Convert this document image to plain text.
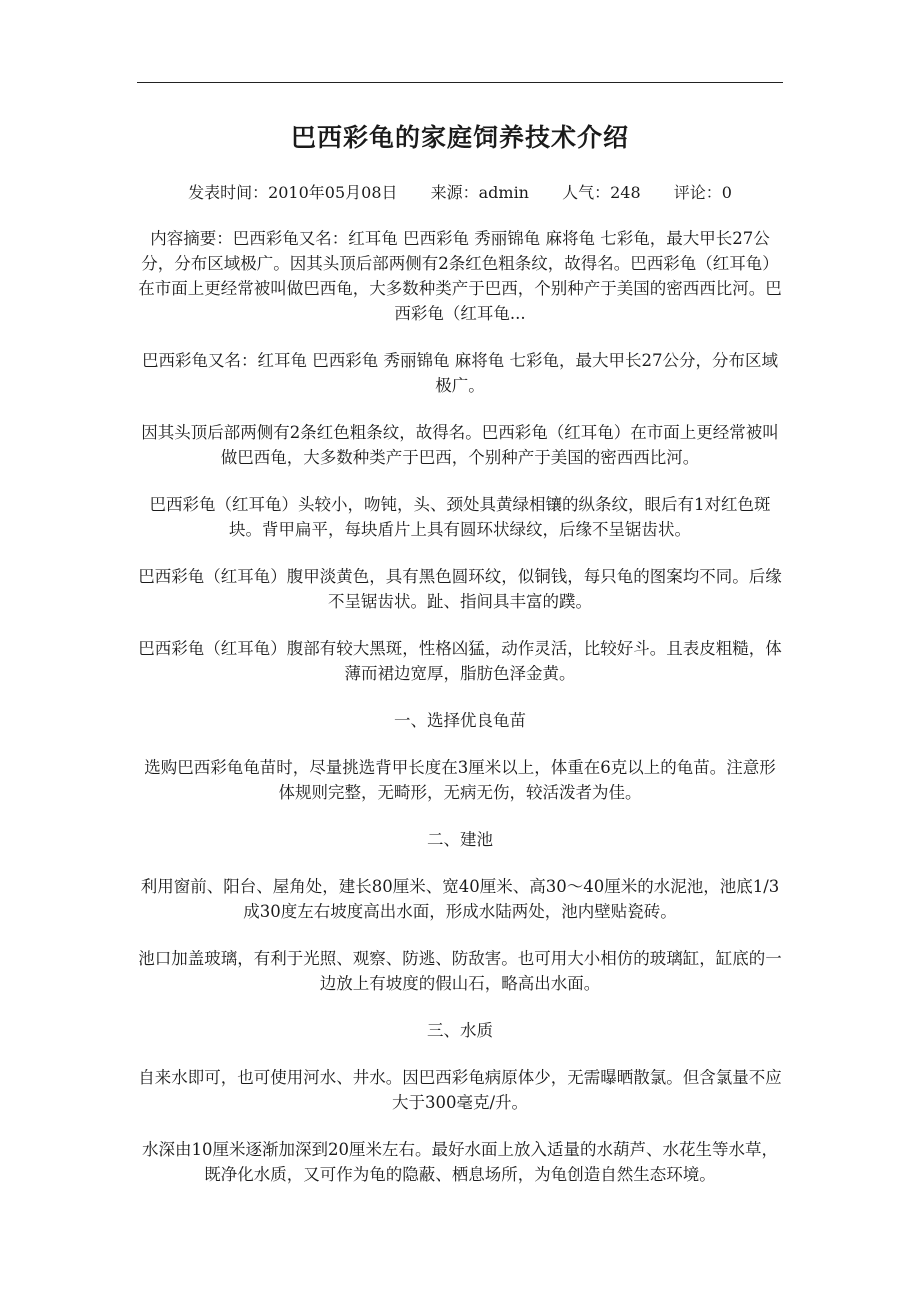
巴西彩龟的家庭饲养技术介绍
发表时间：2010年05月08日 来源：admin 人气：248 评论：0

内容摘要：巴西彩龟又名：红耳龟 巴西彩龟 秀丽锦龟 麻将龟 七彩龟，最大甲长27公分，分布区域极广。因其头顶后部两侧有2条红色粗条纹，故得名。巴西彩龟（红耳龟）在市面上更经常被叫做巴西龟，大多数种类产于巴西，个别种产于美国的密西西比河。巴西彩龟（红耳龟...

巴西彩龟又名：红耳龟 巴西彩龟 秀丽锦龟 麻将龟 七彩龟，最大甲长27公分，分布区域极广。

因其头顶后部两侧有2条红色粗条纹，故得名。巴西彩龟（红耳龟）在市面上更经常被叫做巴西龟，大多数种类产于巴西，个别种产于美国的密西西比河。

巴西彩龟（红耳龟）头较小，吻钝，头、颈处具黄绿相镶的纵条纹，眼后有1对红色斑块。背甲扁平，每块盾片上具有圆环状绿纹，后缘不呈锯齿状。

巴西彩龟（红耳龟）腹甲淡黄色，具有黑色圆环纹，似铜钱，每只龟的图案均不同。后缘不呈锯齿状。趾、指间具丰富的蹼。

巴西彩龟（红耳龟）腹部有较大黑斑，性格凶猛，动作灵活，比较好斗。且表皮粗糙，体薄而裙边宽厚，脂肪色泽金黄。

一、选择优良龟苗

选购巴西彩龟龟苗时，尽量挑选背甲长度在3厘米以上，体重在6克以上的龟苗。注意形体规则完整，无畸形，无病无伤，较活泼者为佳。

二、建池

利用窗前、阳台、屋角处，建长80厘米、宽40厘米、高30～40厘米的水泥池，池底1/3成30度左右坡度高出水面，形成水陆两处，池内壁贴瓷砖。

池口加盖玻璃，有利于光照、观察、防逃、防敌害。也可用大小相仿的玻璃缸，缸底的一边放上有坡度的假山石，略高出水面。

三、水质

自来水即可，也可使用河水、井水。因巴西彩龟病原体少，无需曝晒散氯。但含氯量不应大于300毫克/升。

水深由10厘米逐渐加深到20厘米左右。最好水面上放入适量的水葫芦、水花生等水草，既净化水质，又可作为龟的隐蔽、栖息场所，为龟创造自然生态环境。
